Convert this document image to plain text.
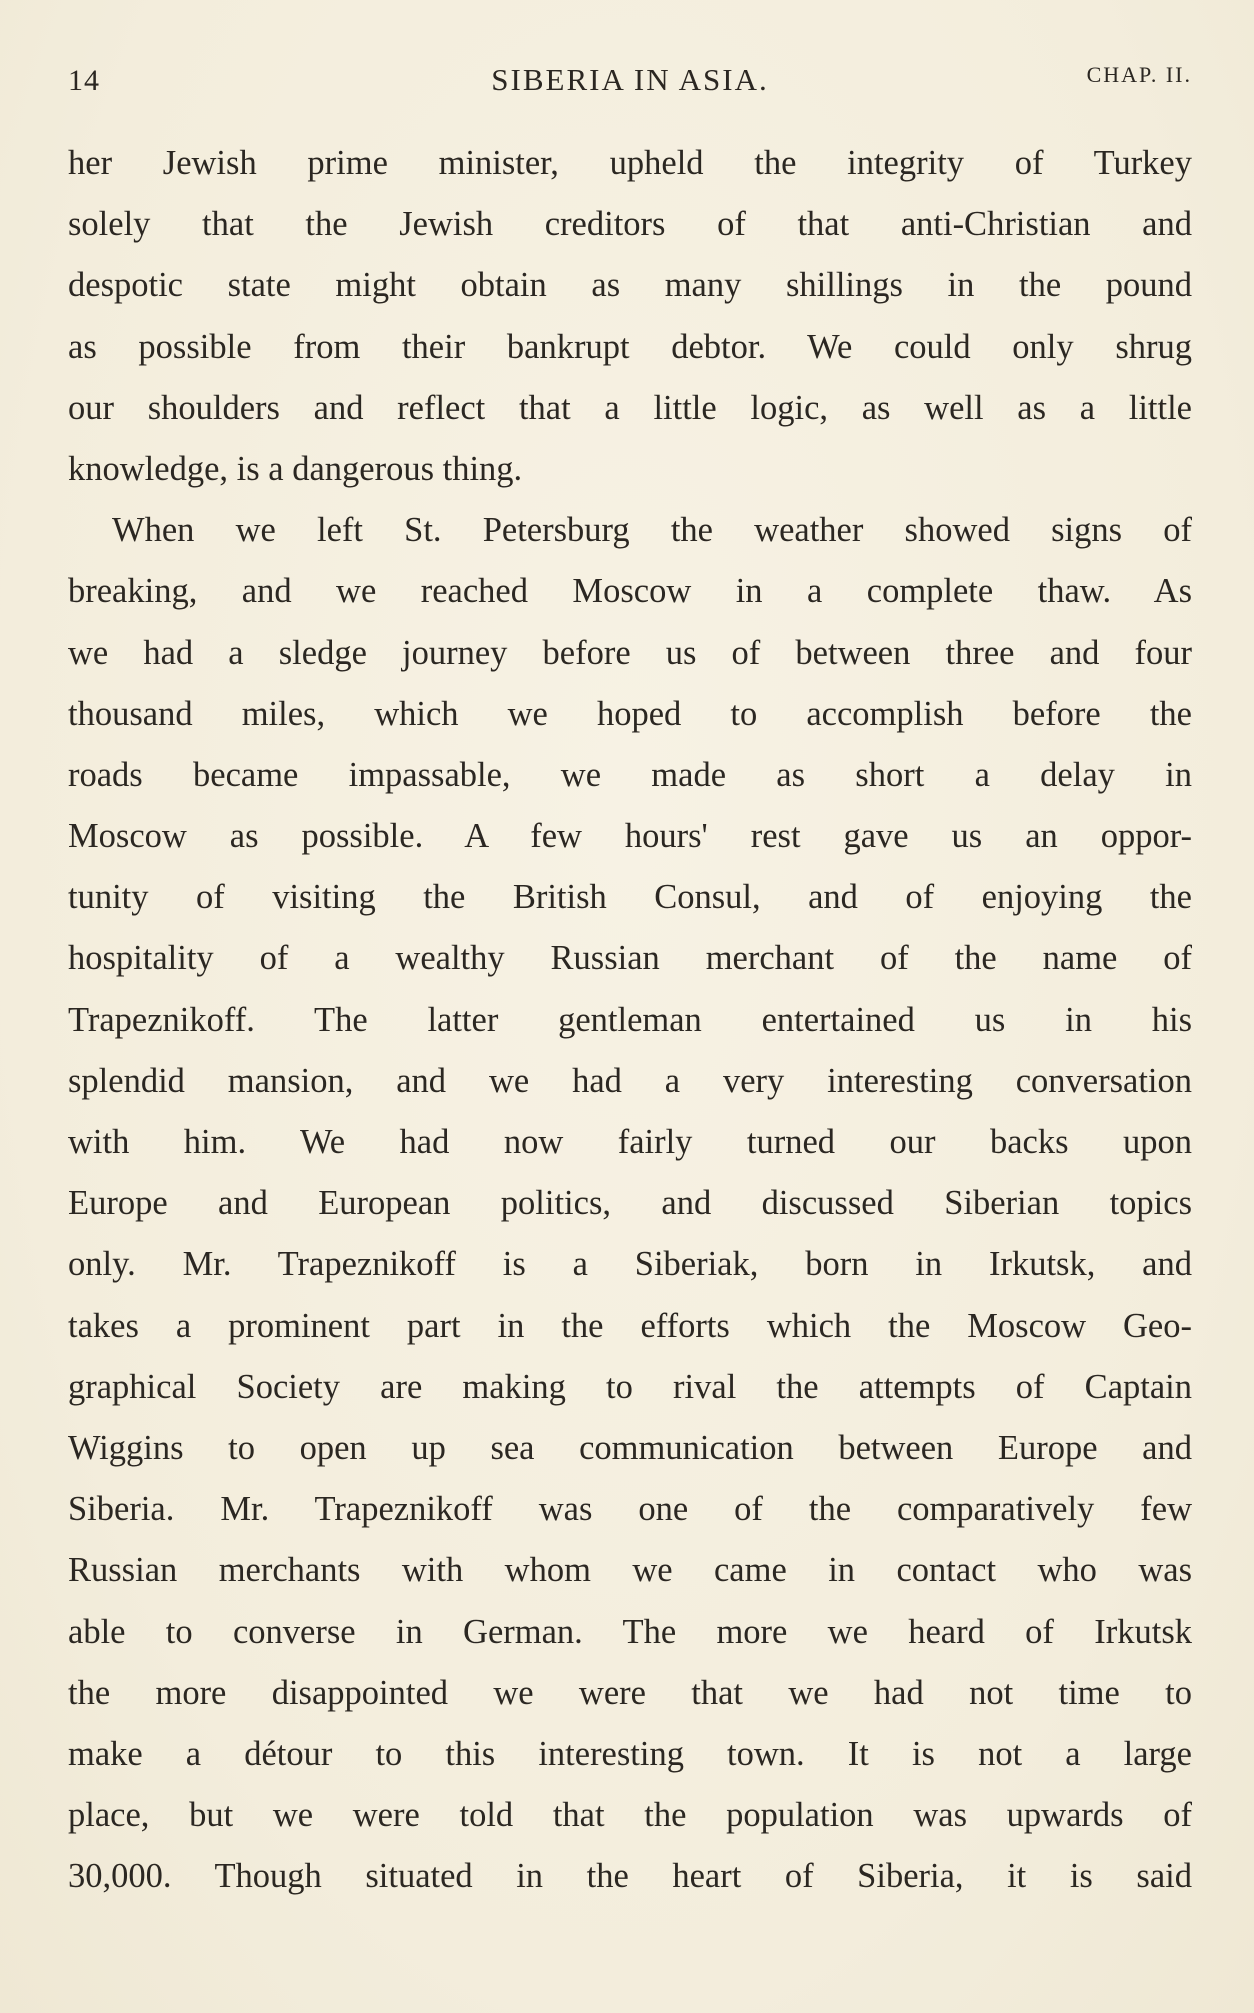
14	SIBERIA IN ASIA.	CHAP. II.
her Jewish prime minister, upheld the integrity of Turkey
solely that the Jewish creditors of that anti-Christian and
despotic state might obtain as many shillings in the pound
as possible from their bankrupt debtor. We could only shrug
our shoulders and reflect that a little logic, as well as a little
knowledge, is a dangerous thing.
When we left St. Petersburg the weather showed signs of
breaking, and we reached Moscow in a complete thaw. As
we had a sledge journey before us of between three and four
thousand miles, which we hoped to accomplish before the
roads became impassable, we made as short a delay in
Moscow as possible. A few hours' rest gave us an oppor-
tunity of visiting the British Consul, and of enjoying the
hospitality of a wealthy Russian merchant of the name of
Trapeznikoff. The latter gentleman entertained us in his
splendid mansion, and we had a very interesting conversation
with him. We had now fairly turned our backs upon
Europe and European politics, and discussed Siberian topics
only. Mr. Trapeznikoff is a Siberiak, born in Irkutsk, and
takes a prominent part in the efforts which the Moscow Geo-
graphical Society are making to rival the attempts of Captain
Wiggins to open up sea communication between Europe and
Siberia. Mr. Trapeznikoff was one of the comparatively few
Russian merchants with whom we came in contact who was
able to converse in German. The more we heard of Irkutsk
the more disappointed we were that we had not time to
make a détour to this interesting town. It is not a large
place, but we were told that the population was upwards of
30,000. Though situated in the heart of Siberia, it is said
